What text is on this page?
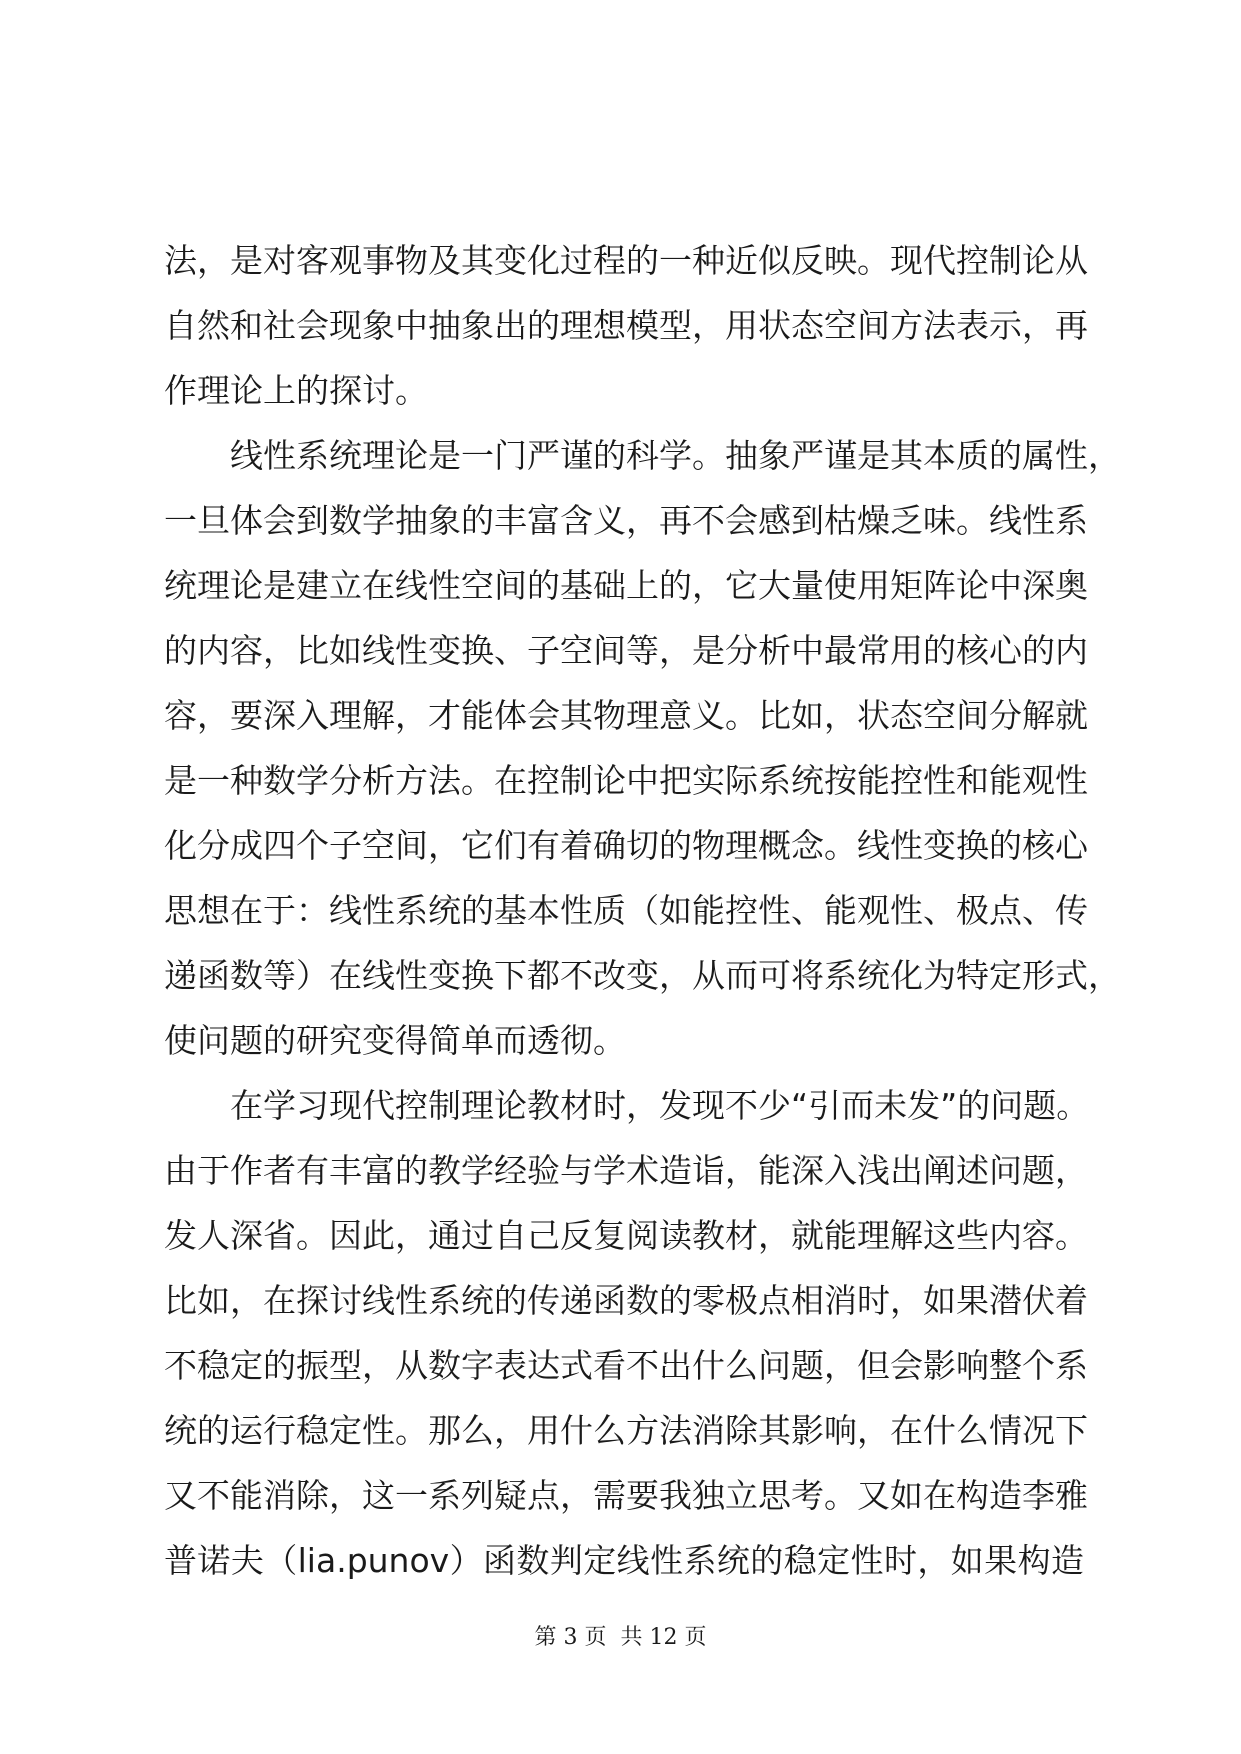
法，是对客观事物及其变化过程的一种近似反映。现代控制论从
自然和社会现象中抽象出的理想模型，用状态空间方法表示，再
作理论上的探讨。
线性系统理论是一门严谨的科学。抽象严谨是其本质的属性，
一旦体会到数学抽象的丰富含义，再不会感到枯燥乏味。线性系
统理论是建立在线性空间的基础上的，它大量使用矩阵论中深奥
的内容，比如线性变换、子空间等，是分析中最常用的核心的内
容，要深入理解，才能体会其物理意义。比如，状态空间分解就
是一种数学分析方法。在控制论中把实际系统按能控性和能观性
化分成四个子空间，它们有着确切的物理概念。线性变换的核心
思想在于：线性系统的基本性质（如能控性、能观性、极点、传
递函数等）在线性变换下都不改变，从而可将系统化为特定形式，
使问题的研究变得简单而透彻。
在学习现代控制理论教材时，发现不少“引而未发”的问题。
由于作者有丰富的教学经验与学术造诣，能深入浅出阐述问题，
发人深省。因此，通过自己反复阅读教材，就能理解这些内容。
比如，在探讨线性系统的传递函数的零极点相消时，如果潜伏着
不稳定的振型，从数字表达式看不出什么问题，但会影响整个系
统的运行稳定性。那么，用什么方法消除其影响，在什么情况下
又不能消除，这一系列疑点，需要我独立思考。又如在构造李雅
普诺夫（lia.punov）函数判定线性系统的稳定性时，如果构造
第 3 页  共 12 页
